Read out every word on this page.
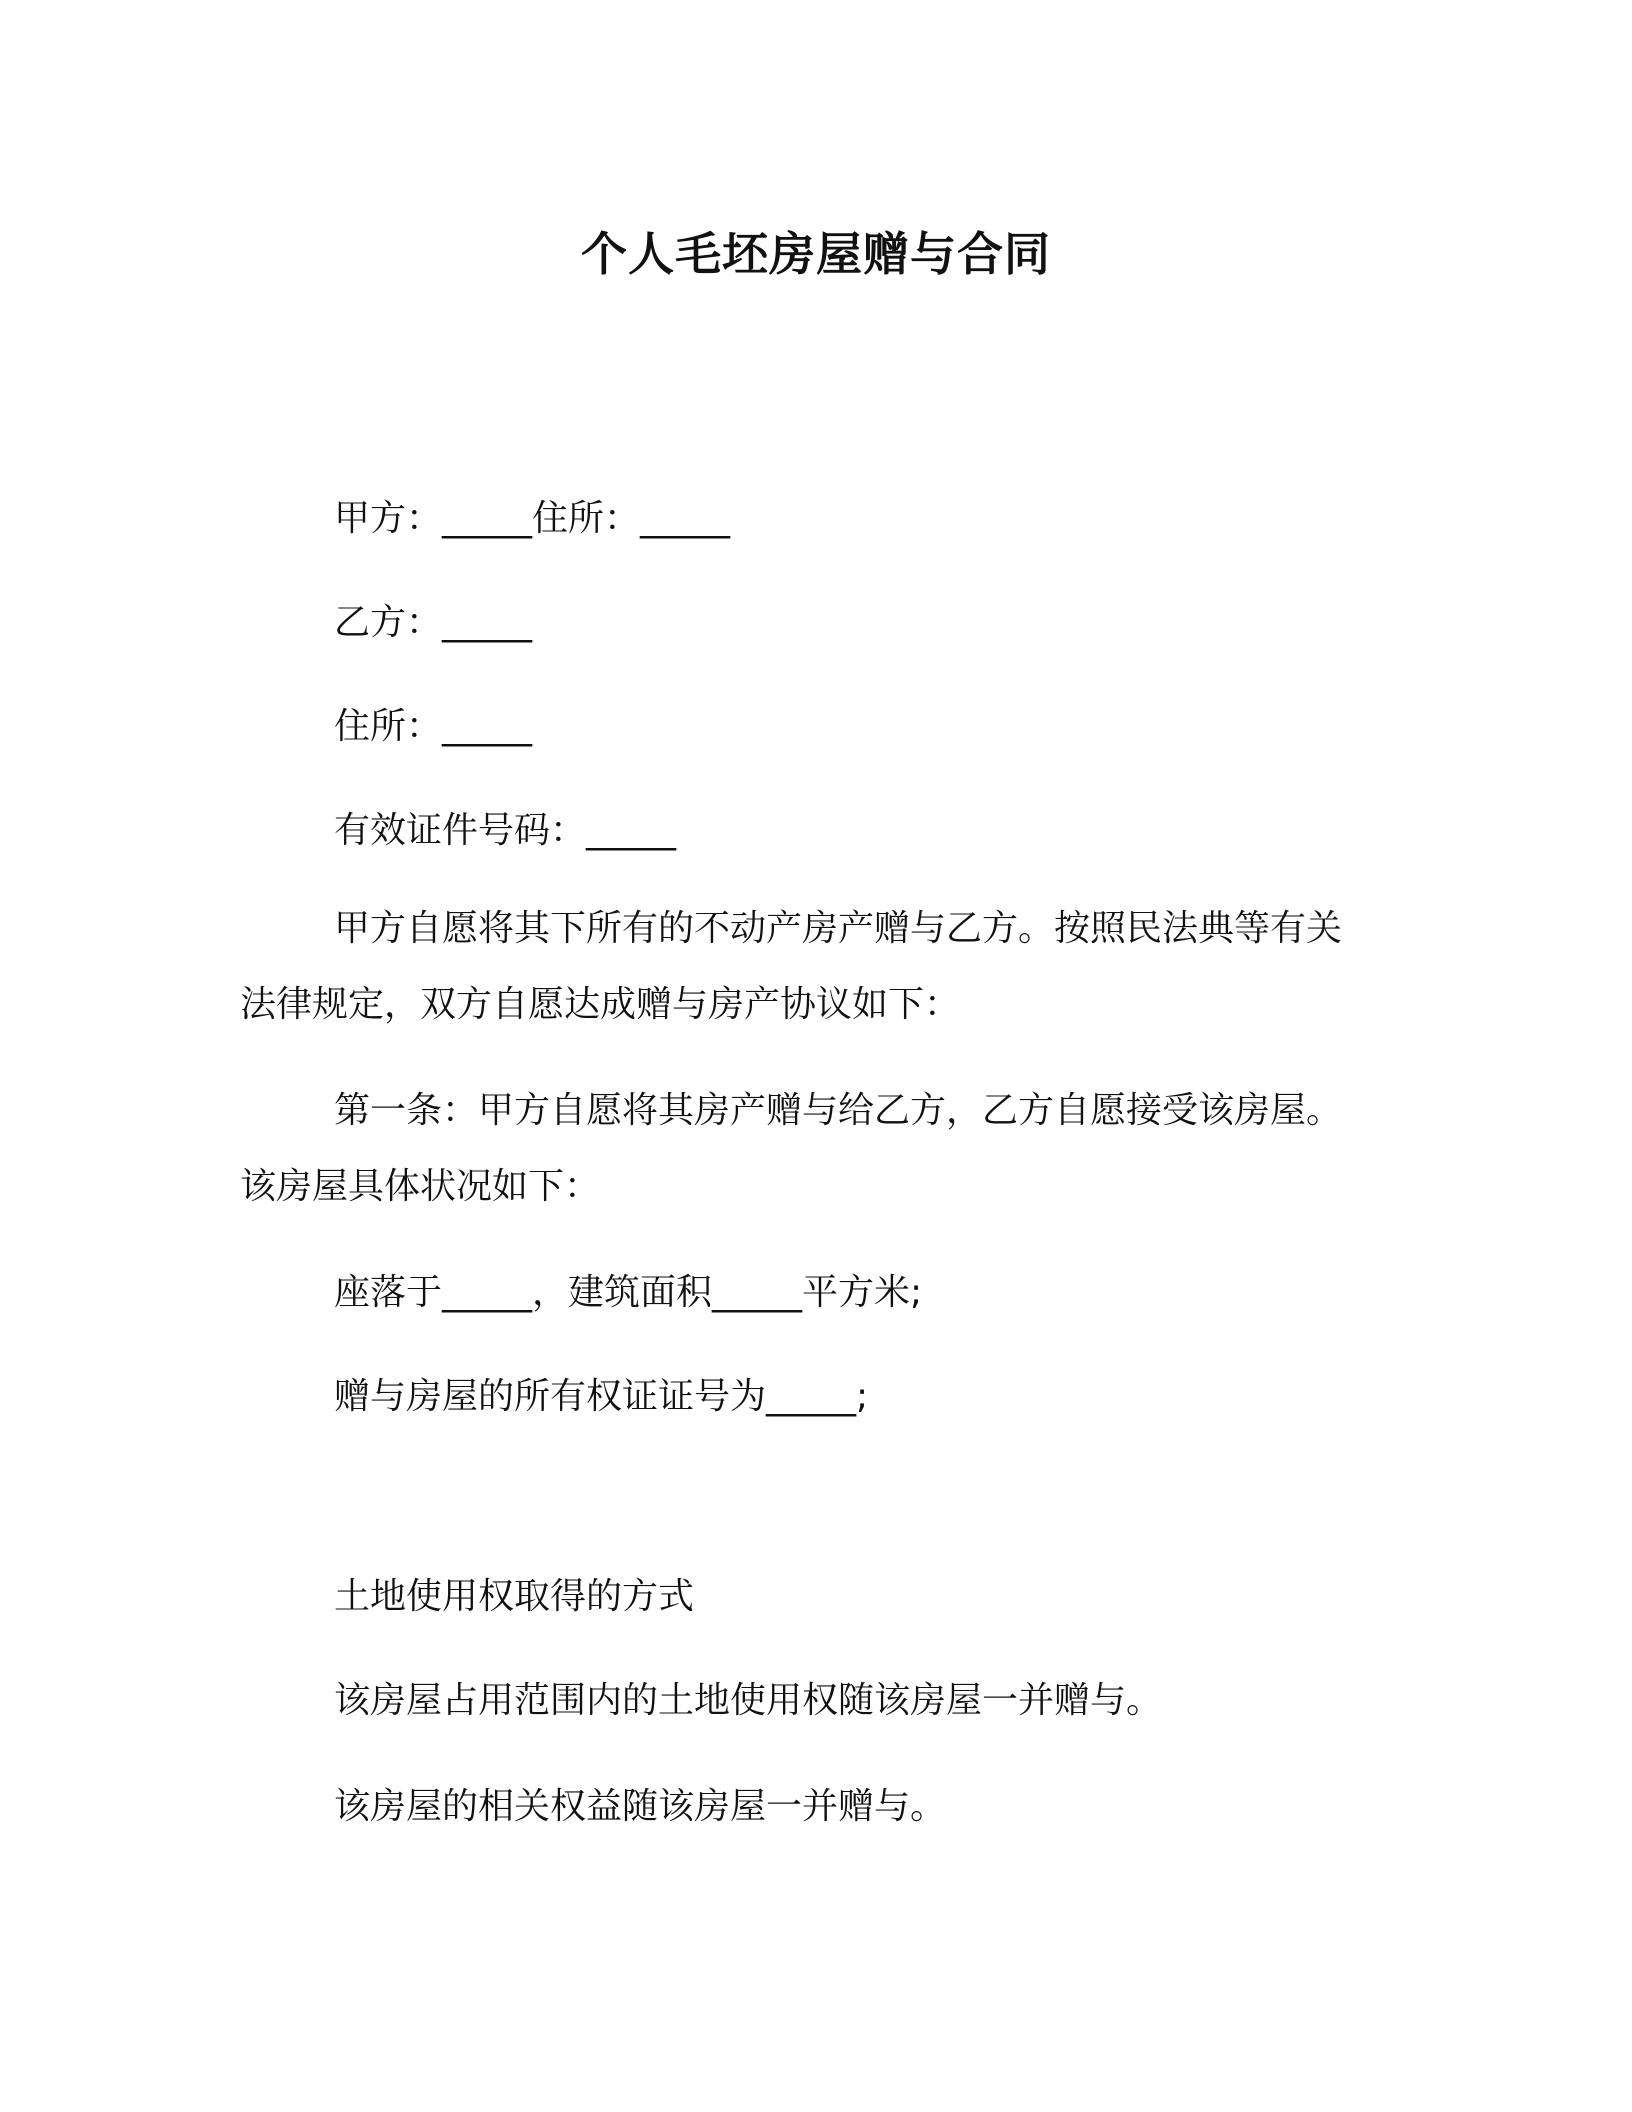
个人毛坯房屋赠与合同
甲方：_____住所：_____
乙方：_____
住所：_____
有效证件号码：_____
甲方自愿将其下所有的不动产房产赠与乙方。按照民法典等有关
法律规定，双方自愿达成赠与房产协议如下：
第一条：甲方自愿将其房产赠与给乙方，乙方自愿接受该房屋。
该房屋具体状况如下：
座落于_____，建筑面积_____平方米;
赠与房屋的所有权证证号为_____;
土地使用权取得的方式
该房屋占用范围内的土地使用权随该房屋一并赠与。
该房屋的相关权益随该房屋一并赠与。
